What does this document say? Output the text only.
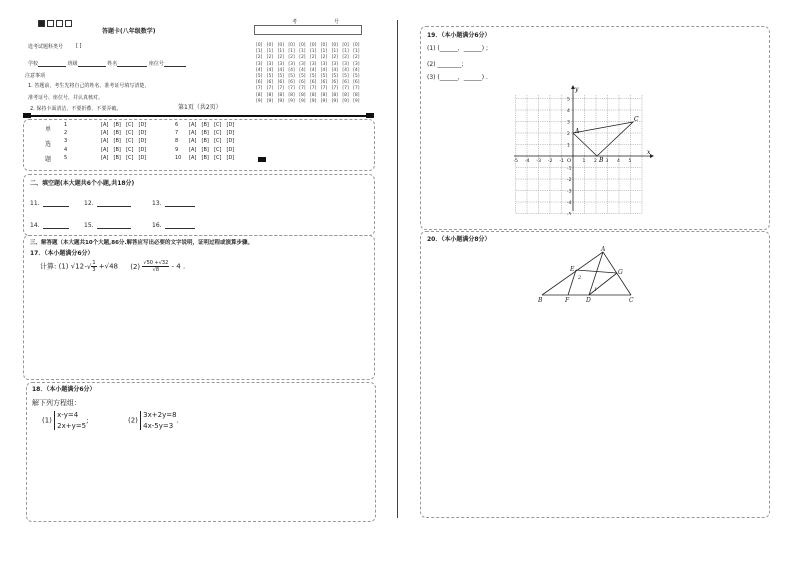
答题卡(八年级数学)
选考试题科类号	[ ]
学校	班级	姓名	座位号
注意事项
1. 答题前，考生先将自己的姓名、准考证号填写清楚，
准考证号、座位号，并认真核对。
2. 保持卡面清洁，不要折叠、不要弄破。	第1页（共2页）
考	号
[0] [0] [0] [0] [0] [0] [0] [0] [0] [0]
[1] [1] [1] [1] [1] [1] [1] [1] [1] [1]
[2] [2] [2] [2] [2] [2] [2] [2] [2] [2]
[3] [3] [3] [3] [3] [3] [3] [3] [3] [3]
[4] [4] [4] [4] [4] [4] [4] [4] [4] [4]
[5] [5] [5] [5] [5] [5] [5] [5] [5] [5]
[6] [6] [6] [6] [6] [6] [6] [6] [6] [6]
[7] [7] [7] [7] [7] [7] [7] [7] [7] [7]
[8] [8] [8] [8] [8] [8] [8] [8] [8] [8]
[9] [9] [9] [9] [9] [9] [9] [9] [9] [9]
单
选
题
1	[A] [B] [C] [D]	6 [A] [B] [C] [D]
2	[A] [B] [C] [D]	7 [A] [B] [C] [D]
3	[A] [B] [C] [D]	8 [A] [B] [C] [D]
4	[A] [B] [C] [D]	9 [A] [B] [C] [D]
5	[A] [B] [C] [D]	10 [A] [B] [C] [D]
二、填空题(本大题共6个小题,共18分)
11.	12.	13.
14.	15.	16.
三、解答题（本大题共10个大题,86分.解答应写出必要的文字说明，证明过程或演算步骤。
17．（本小题满分6分）
计算: (1) √12 -√ $\frac{1}{3} +√48$ $(2) \frac{√50 +√32}{√8} - 4$ .
18．（本小题满分6分）
解下列方程组：
(1)
x-y=4
2x+y=5
;	(2)
3x+2y=8
4x-5y=3
.
19．（本小题满分6分）
(1) (______，______) ;
(2) ________;
(3) (______，______) .
x
y
O
-5 -4 -3 -2 -1	1 2 3 4 5
5
4
3
2
1
-1
-2
-3
-4
-5
A
B
C
20．（本小题满分8分）
A
B	C
D
E
F
G
1
2
